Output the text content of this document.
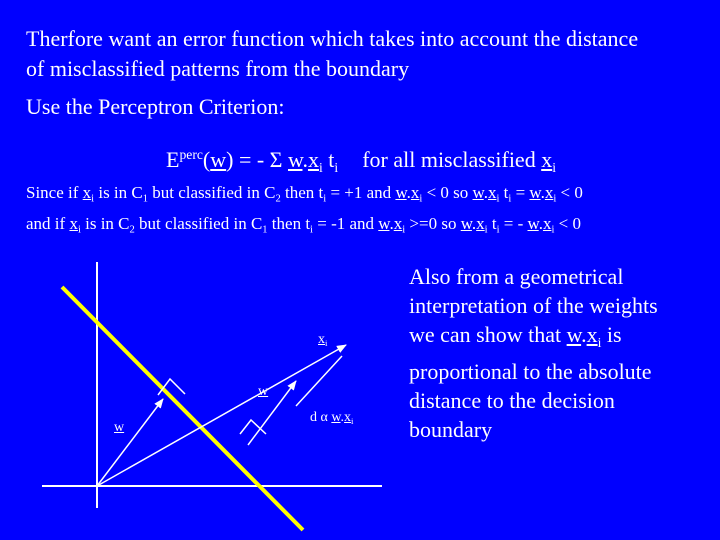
Therfore want an error function which takes into account the distance
of misclassified patterns from the boundary
Use the Perceptron Criterion:
$E^{perc}(w)$ = - Σ $w.x_i$ $t_i$ for all misclassified $x_i$
Since if $x_i$ is in $C_1$ but classified in $C_2$ then $t_i = +1$ and $w.x_i < 0$ so $w.x_i$ $t_i = w.x_i < 0$
and if $x_i$ is in $C_2$ but classified in $C_1$ then $t_i = -1$ and $w.x_i >=0$ so $w.x_i$ $t_i$ = - $w.x_i < 0$
$x_i$
w
w
d α $w.x_i$
Also from a geometrical
interpretation of the weights
we can show that $w.x_i$ is
proportional to the absolute
distance to the decision
boundary
